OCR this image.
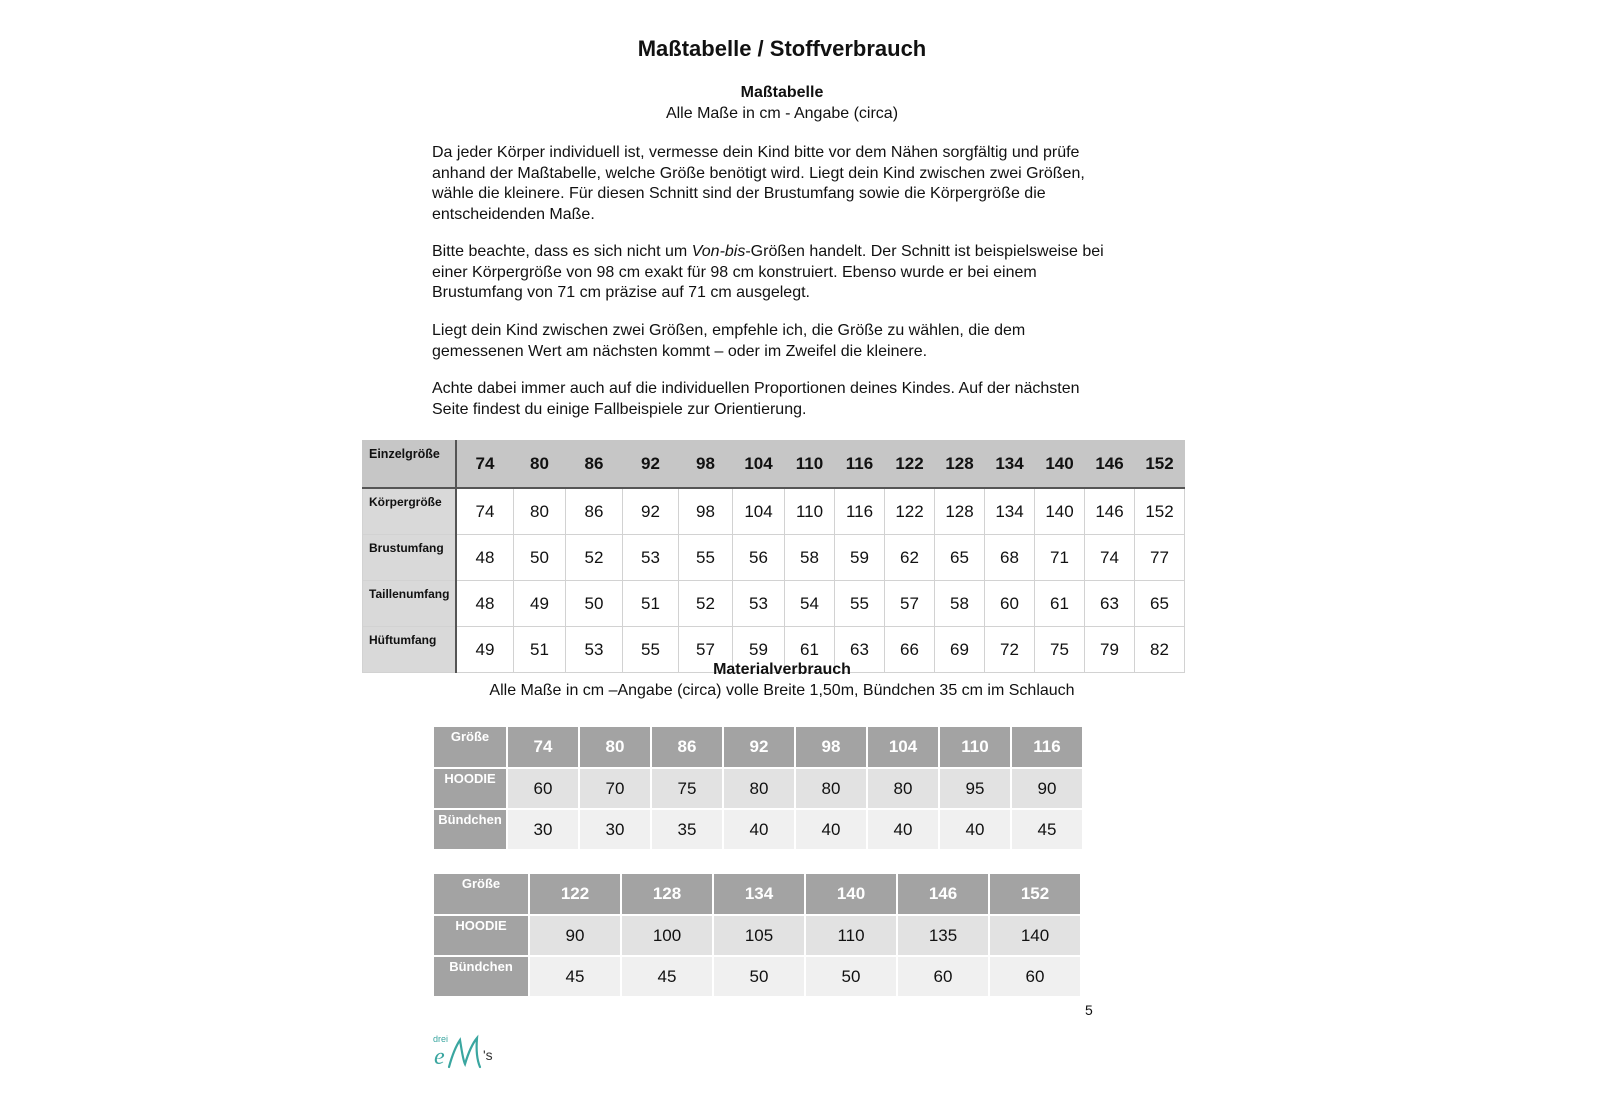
Maßtabelle / Stoffverbrauch
Maßtabelle
Alle Maße in cm - Angabe (circa)

Da jeder Körper individuell ist, vermesse dein Kind bitte vor dem Nähen sorgfältig und prüfe anhand der Maßtabelle, welche Größe benötigt wird. Liegt dein Kind zwischen zwei Größen, wähle die kleinere. Für diesen Schnitt sind der Brustumfang sowie die Körpergröße die entscheidenden Maße.

Bitte beachte, dass es sich nicht um Von-bis-Größen handelt. Der Schnitt ist beispielsweise bei einer Körpergröße von 98 cm exakt für 98 cm konstruiert. Ebenso wurde er bei einem Brustumfang von 71 cm präzise auf 71 cm ausgelegt.

Liegt dein Kind zwischen zwei Größen, empfehle ich, die Größe zu wählen, die dem gemessenen Wert am nächsten kommt – oder im Zweifel die kleinere.

Achte dabei immer auch auf die individuellen Proportionen deines Kindes. Auf der nächsten Seite findest du einige Fallbeispiele zur Orientierung.

Einzelgröße	74	80	86	92	98	104	110	116	122	128	134	140	146	152
Körpergröße	74	80	86	92	98	104	110	116	122	128	134	140	146	152
Brustumfang	48	50	52	53	55	56	58	59	62	65	68	71	74	77
Taillenumfang	48	49	50	51	52	53	54	55	57	58	60	61	63	65
Hüftumfang	49	51	53	55	57	59	61	63	66	69	72	75	79	82
Materialverbrauch
Alle Maße in cm –Angabe (circa) volle Breite 1,50m, Bündchen 35 cm im Schlauch
Größe	74	80	86	92	98	104	110	116
HOODIE	60	70	75	80	80	80	95	90
Bündchen	30	30	35	40	40	40	40	45
Größe	122	128	134	140	146	152
HOODIE	90	100	105	110	135	140
Bündchen	45	45	50	50	60	60
5
drei
e	's
